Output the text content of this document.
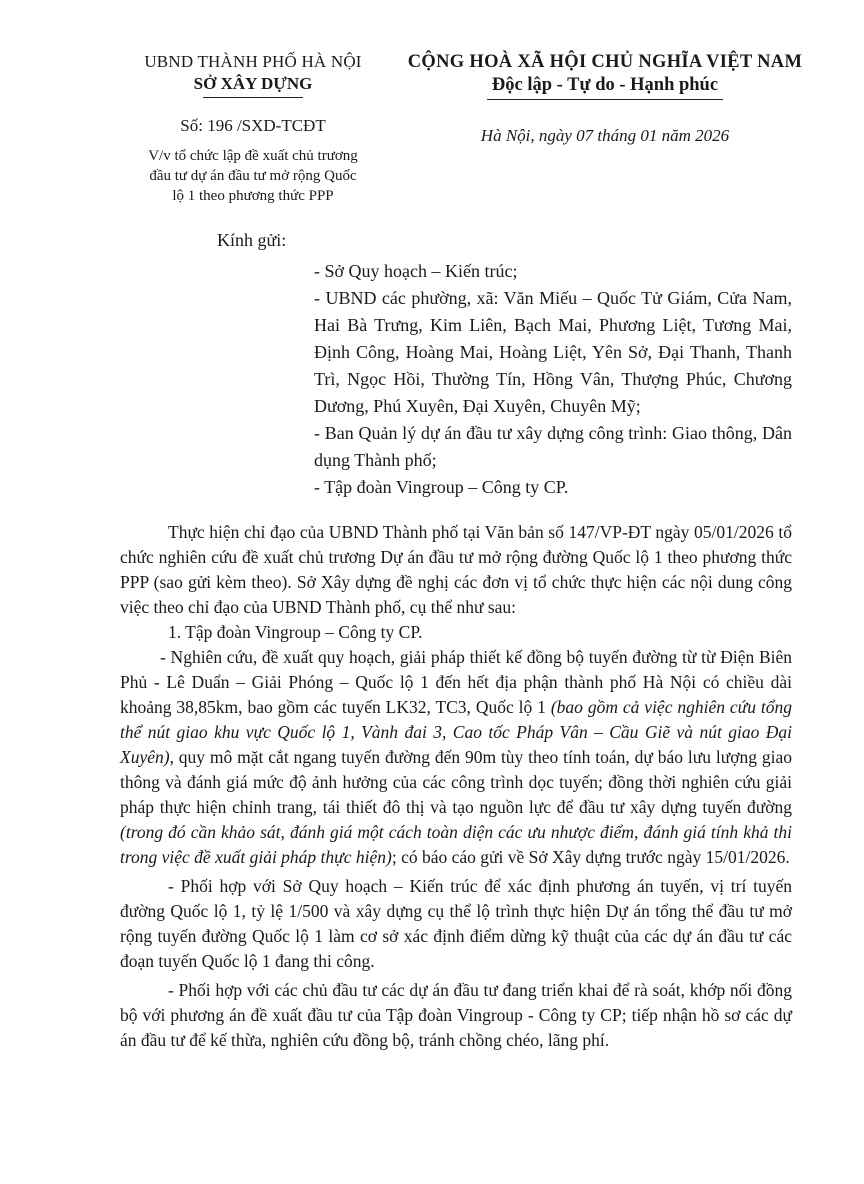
UBND THÀNH PHỐ HÀ NỘI
SỞ XÂY DỰNG
Số: 196 /SXD-TCĐT
V/v tổ chức lập đề xuất chủ trương
đầu tư dự án đầu tư mở rộng Quốc
lộ 1 theo phương thức PPP
CỘNG HOÀ XÃ HỘI CHỦ NGHĨA VIỆT NAM
Độc lập - Tự do - Hạnh phúc
Hà Nội, ngày 07 tháng 01 năm 2026
Kính gửi:

- Sở Quy hoạch – Kiến trúc;

- UBND các phường, xã: Văn Miếu – Quốc Tử Giám, Cửa Nam, Hai Bà Trưng, Kim Liên, Bạch Mai, Phương Liệt, Tương Mai, Định Công, Hoàng Mai, Hoàng Liệt, Yên Sở, Đại Thanh, Thanh Trì, Ngọc Hồi, Thường Tín, Hồng Vân, Thượng Phúc, Chương Dương, Phú Xuyên, Đại Xuyên, Chuyên Mỹ;

- Ban Quản lý dự án đầu tư xây dựng công trình: Giao thông, Dân dụng Thành phố;

- Tập đoàn Vingroup – Công ty CP.

Thực hiện chỉ đạo của UBND Thành phố tại Văn bản số 147/VP-ĐT ngày 05/01/2026 tổ chức nghiên cứu đề xuất chủ trương Dự án đầu tư mở rộng đường Quốc lộ 1 theo phương thức PPP (sao gửi kèm theo). Sở Xây dựng đề nghị các đơn vị tổ chức thực hiện các nội dung công việc theo chỉ đạo của UBND Thành phố, cụ thể như sau:

1. Tập đoàn Vingroup – Công ty CP.

- Nghiên cứu, đề xuất quy hoạch, giải pháp thiết kế đồng bộ tuyến đường từ từ Điện Biên Phủ - Lê Duẩn – Giải Phóng – Quốc lộ 1 đến hết địa phận thành phố Hà Nội có chiều dài khoảng 38,85km, bao gồm các tuyến LK32, TC3, Quốc lộ 1 (bao gồm cả việc nghiên cứu tổng thể nút giao khu vực Quốc lộ 1, Vành đai 3, Cao tốc Pháp Vân – Cầu Giẽ và nút giao Đại Xuyên), quy mô mặt cắt ngang tuyến đường đến 90m tùy theo tính toán, dự báo lưu lượng giao thông và đánh giá mức độ ảnh hưởng của các công trình dọc tuyến; đồng thời nghiên cứu giải pháp thực hiện chỉnh trang, tái thiết đô thị và tạo nguồn lực để đầu tư xây dựng tuyến đường (trong đó cần khảo sát, đánh giá một cách toàn diện các ưu nhược điểm, đánh giá tính khả thi trong việc đề xuất giải pháp thực hiện); có báo cáo gửi về Sở Xây dựng trước ngày 15/01/2026.

- Phối hợp với Sở Quy hoạch – Kiến trúc để xác định phương án tuyến, vị trí tuyến đường Quốc lộ 1, tỷ lệ 1/500 và xây dựng cụ thể lộ trình thực hiện Dự án tổng thể đầu tư mở rộng tuyến đường Quốc lộ 1 làm cơ sở xác định điểm dừng kỹ thuật của các dự án đầu tư các đoạn tuyến Quốc lộ 1 đang thi công.

- Phối hợp với các chủ đầu tư các dự án đầu tư đang triển khai để rà soát, khớp nối đồng bộ với phương án đề xuất đầu tư của Tập đoàn Vingroup - Công ty CP; tiếp nhận hồ sơ các dự án đầu tư để kế thừa, nghiên cứu đồng bộ, tránh chồng chéo, lãng phí.
